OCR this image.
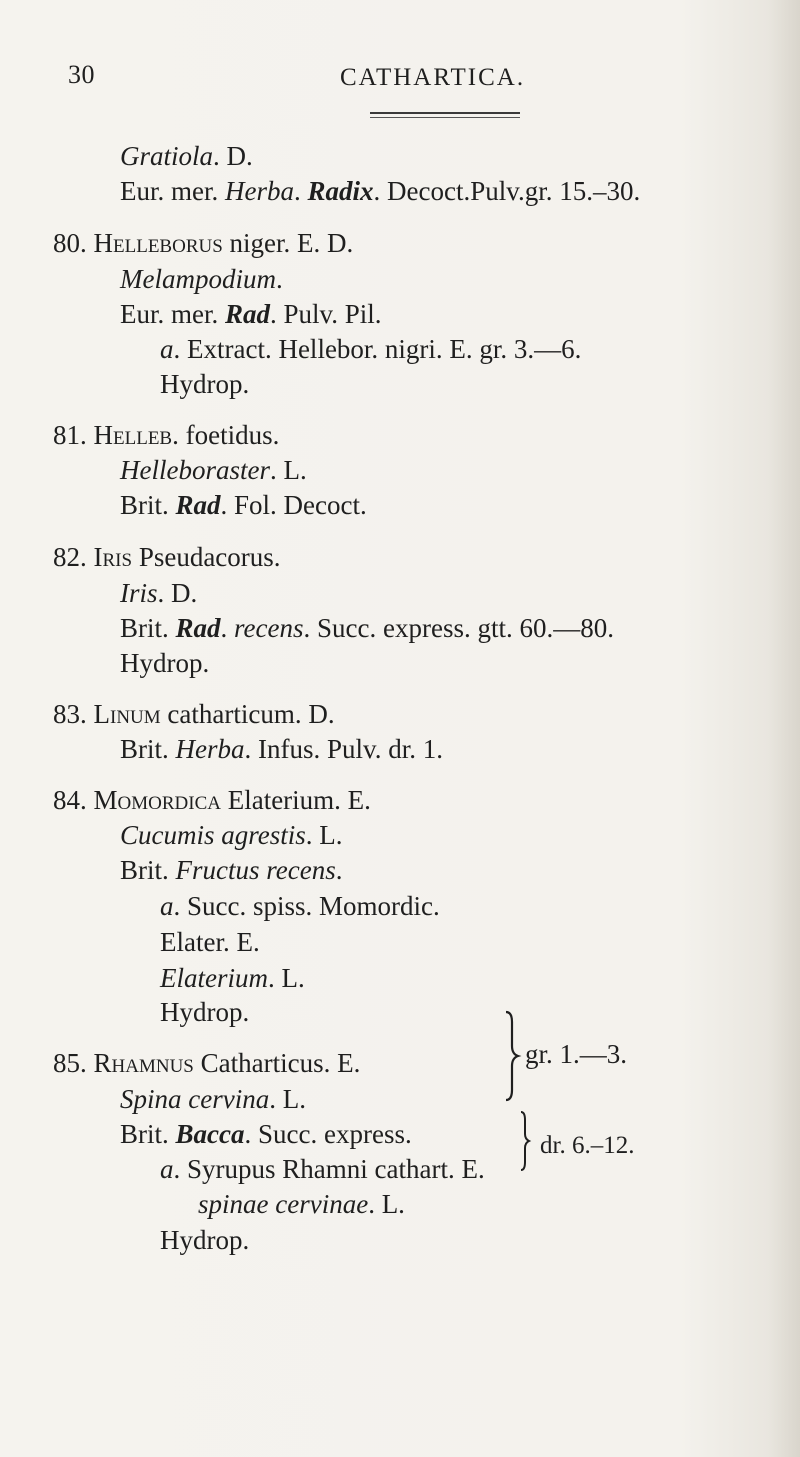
30	CATHARTICA.
Gratiola. D.
Eur. mer. Herba. Radix. Decoct.Pulv.gr. 15.–30.
80. Helleborus niger. E. D.
Melampodium.
Eur. mer. Rad. Pulv. Pil.
a. Extract. Hellebor. nigri. E. gr. 3.—6.
Hydrop.
81. Helleb. foetidus.
Helleboraster. L.
Brit. Rad. Fol. Decoct.
82. Iris Pseudacorus.
Iris. D.
Brit. Rad. recens. Succ. express. gtt. 60.—80.
Hydrop.
83. Linum catharticum. D.
Brit. Herba. Infus. Pulv. dr. 1.
84. Momordica Elaterium. E.
Cucumis agrestis. L.
Brit. Fructus recens.
a. Succ. spiss. Momordic.
Elater. E.
Elaterium. L.
Hydrop.
85. Rhamnus Catharticus. E.
Spina cervina. L.
Brit. Bacca. Succ. express.
a. Syrupus Rhamni cathart. E.
spinae cervinae. L.
Hydrop.
gr. 1.—3.
dr. 6.–12.
